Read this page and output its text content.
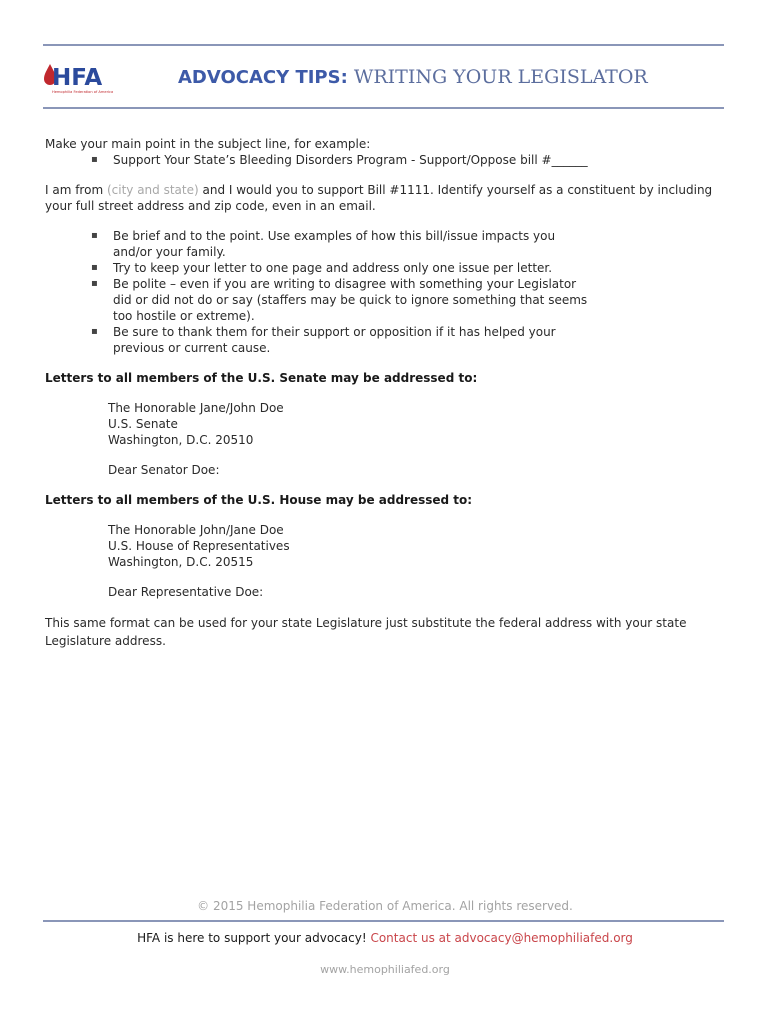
HFA
Hemophilia Federation of America
ADVOCACY TIPS: WRITING YOUR LEGISLATOR

Make your main point in the subject line, for example:

▪ Support Your State’s Bleeding Disorders Program - Support/Oppose bill #______

I am from (city and state) and I would you to support Bill #1111. Identify yourself as a constituent by including your full street address and zip code, even in an email.

▪ Be brief and to the point. Use examples of how this bill/issue impacts you and/or your family.
▪ Try to keep your letter to one page and address only one issue per letter.
▪ Be polite – even if you are writing to disagree with something your Legislator did or did not do or say (staffers may be quick to ignore something that seems too hostile or extreme).
▪ Be sure to thank them for their support or opposition if it has helped your previous or current cause.

Letters to all members of the U.S. Senate may be addressed to:

The Honorable Jane/John Doe

U.S. Senate

Washington, D.C. 20510

Dear Senator Doe:

Letters to all members of the U.S. House may be addressed to:

The Honorable John/Jane Doe

U.S. House of Representatives

Washington, D.C. 20515

Dear Representative Doe:

This same format can be used for your state Legislature just substitute the federal address with your state Legislature address.

© 2015 Hemophilia Federation of America. All rights reserved.
HFA is here to support your advocacy! Contact us at advocacy@hemophiliafed.org
www.hemophiliafed.org
